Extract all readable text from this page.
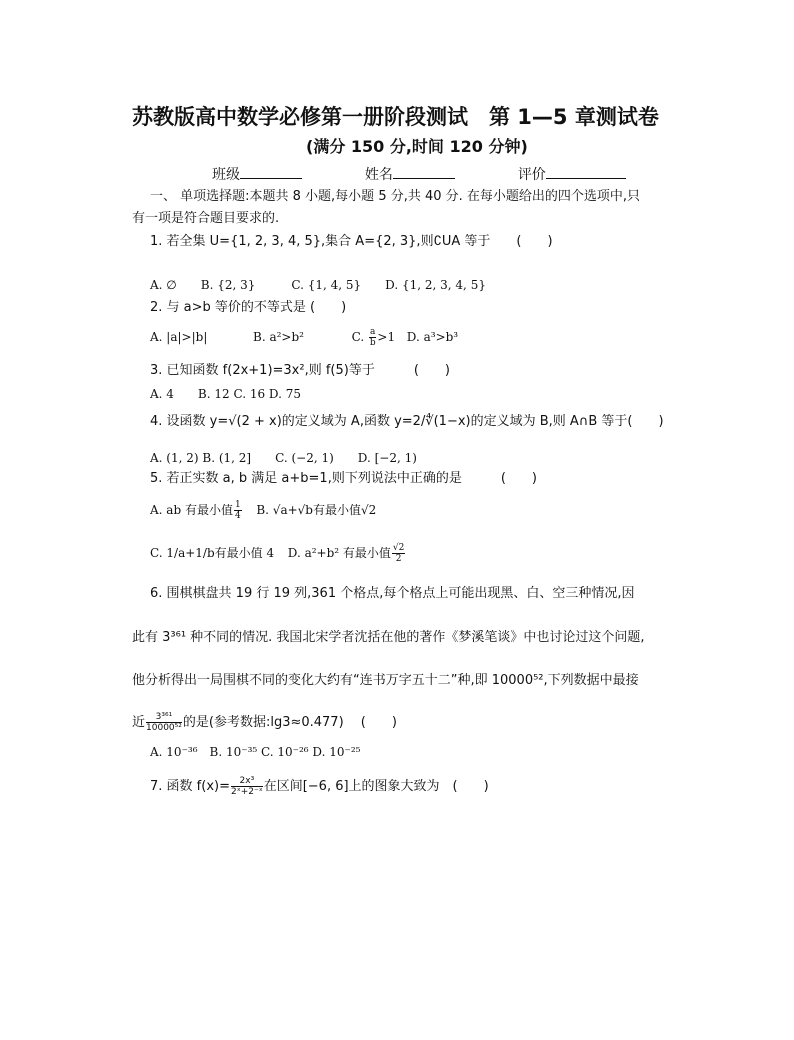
苏教版高中数学必修第一册阶段测试　第 1—5 章测试卷
(满分 150 分,时间 120 分钟)
班级	姓名	评价
一、 单项选择题:本题共 8 小题,每小题 5 分,共 40 分. 在每小题给出的四个选项中,只
有一项是符合题目要求的.
1. 若全集 U={1, 2, 3, 4, 5},集合 A={2, 3},则∁UA 等于　　(　　)
A. ∅　　B. {2, 3}　　　C. {1, 4, 5}　　D. {1, 2, 3, 4, 5}
2. 与 a>b 等价的不等式是 (　　)
A. |a|>|b|	B. a²>b²	C. $\frac{a}{b} >1$ D. a³>b³
3. 已知函数 f(2x+1)=3x²,则 f(5)等于　　　(　　)
A. 4　　B. 12 C. 16 D. 75
4. 设函数 y=√(2 + x)的定义域为 A,函数 y=2/∜(1−x)的定义域为 B,则 A∩B 等于(　　)
A. (1, 2) B. (1, 2]　　C. (−2, 1)　　D. [−2, 1)
5. 若正实数 a, b 满足 a+b=1,则下列说法中正确的是　　　(　　)
A. ab 有最小值 $\frac{1}{4} B$. √a+√b有最小值√2
C. 1/a+1/b有最小值 4 D. a²+b² 有最小值 $\frac{√2}{2}$
6. 围棋棋盘共 19 行 19 列,361 个格点,每个格点上可能出现黑、白、空三种情况,因
此有 3³⁶¹ 种不同的情况. 我国北宋学者沈括在他的著作《梦溪笔谈》中也讨论过这个问题,
他分析得出一局围棋不同的变化大约有“连书万字五十二”种,即 10000⁵²,下列数据中最接
近 $\frac{\text{3³⁶¹}}{\text{10000⁵²}}$ 的是(参考数据:lg3≈0.477)　 (　　)
A. 10⁻³⁶　B. 10⁻³⁵ C. 10⁻²⁶ D. 10⁻²⁵
7. 函数 $f(x)= \frac{\text{2x³}}{\text{2ˣ+2⁻ˣ}}$ 在区间[−6, 6]上的图象大致为　(　　)
